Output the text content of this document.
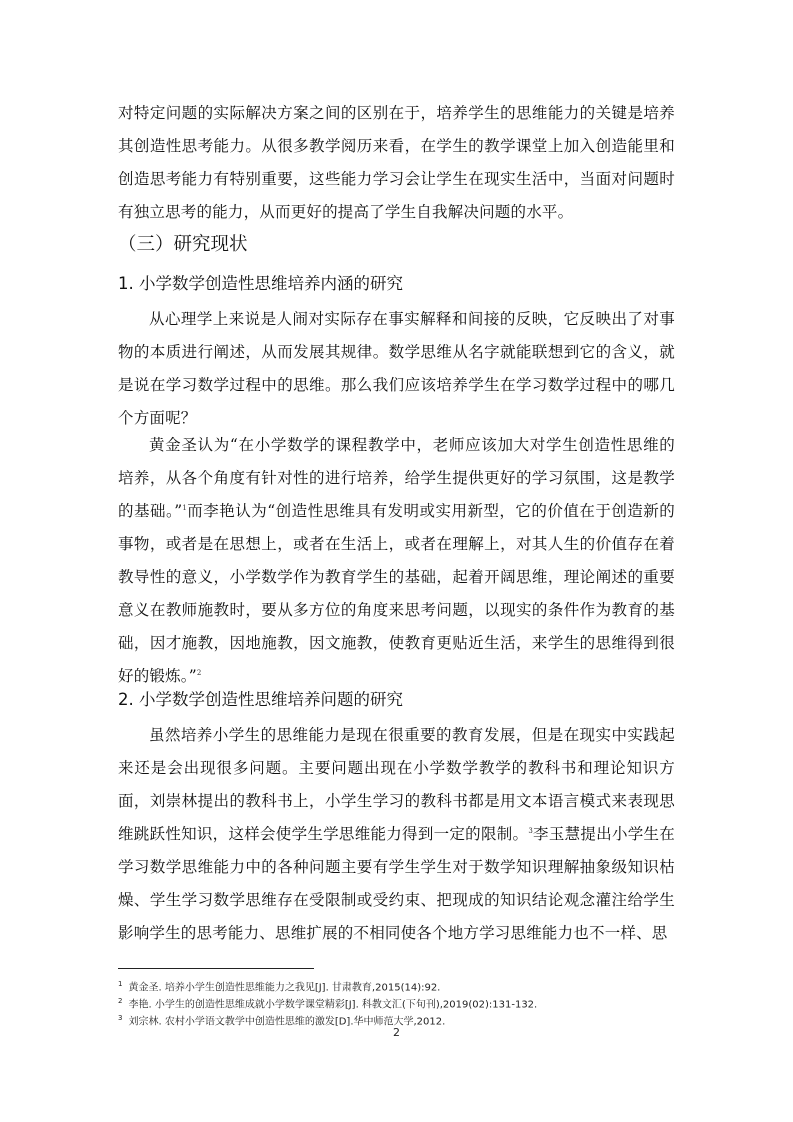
对特定问题的实际解决方案之间的区别在于，培养学生的思维能力的关键是培养其创造性思考能力。从很多教学阅历来看，在学生的教学课堂上加入创造能里和创造思考能力有特别重要，这些能力学习会让学生在现实生活中，当面对问题时有独立思考的能力，从而更好的提高了学生自我解决问题的水平。
（三）研究现状
1. 小学数学创造性思维培养内涵的研究
从心理学上来说是人闹对实际存在事实解释和间接的反映，它反映出了对事物的本质进行阐述，从而发展其规律。数学思维从名字就能联想到它的含义，就是说在学习数学过程中的思维。那么我们应该培养学生在学习数学过程中的哪几个方面呢？
黄金圣认为“在小学数学的课程教学中，老师应该加大对学生创造性思维的培养，从各个角度有针对性的进行培养，给学生提供更好的学习氛围，这是教学的基础。”$^1$而李艳认为“创造性思维具有发明或实用新型，它的价值在于创造新的事物，或者是在思想上，或者在生活上，或者在理解上，对其人生的价值存在着教导性的意义，小学数学作为教育学生的基础，起着开阔思维，理论阐述的重要意义在教师施教时，要从多方位的角度来思考问题，以现实的条件作为教育的基础，因才施教，因地施教，因文施教，使教育更贴近生活，来学生的思维得到很好的锻炼。”$^2$
2. 小学数学创造性思维培养问题的研究
虽然培养小学生的思维能力是现在很重要的教育发展，但是在现实中实践起来还是会出现很多问题。主要问题出现在小学数学教学的教科书和理论知识方面，刘崇林提出的教科书上，小学生学习的教科书都是用文本语言模式来表现思维跳跃性知识，这样会使学生学思维能力得到一定的限制。$^3$李玉慧提出小学生在学习数学思维能力中的各种问题主要有学生学生对于数学知识理解抽象级知识枯燥、学生学习数学思维存在受限制或受约束、把现成的知识结论观念灌注给学生影响学生的思考能力、思维扩展的不相同使各个地方学习思维能力也不一样、思
$^1$ 黄金圣. 培养小学生创造性思维能力之我见[J]. 甘肃教育,2015(14):92.
$^2$ 李艳. 小学生的创造性思维成就小学数学课堂精彩[J]. 科教文汇(下旬刊),2019(02):131-132.
$^3$ 刘宗林. 农村小学语文教学中创造性思维的激发[D].华中师范大学,2012.
2
